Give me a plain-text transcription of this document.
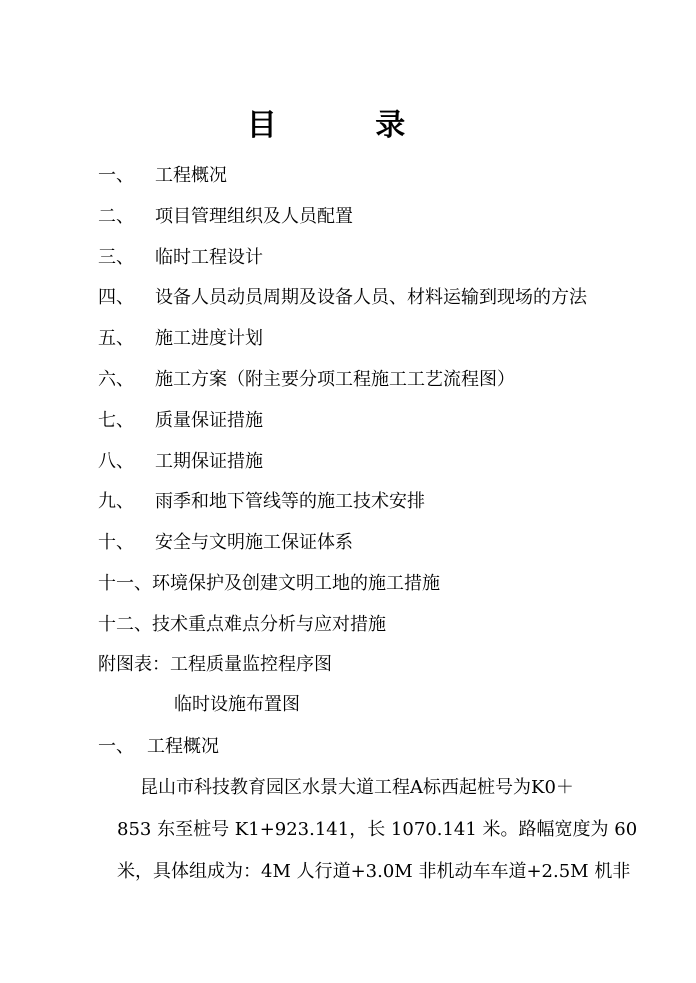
目 录
一、 工程概况
二、 项目管理组织及人员配置
三、 临时工程设计
四、 设备人员动员周期及设备人员、材料运输到现场的方法
五、 施工进度计划
六、 施工方案（附主要分项工程施工工艺流程图）
七、 质量保证措施
八、 工期保证措施
九、 雨季和地下管线等的施工技术安排
十、 安全与文明施工保证体系
十一、环境保护及创建文明工地的施工措施
十二、技术重点难点分析与应对措施
附图表：工程质量监控程序图
临时设施布置图
一、 工程概况
昆山市科技教育园区水景大道工程A标西起桩号为K0＋
853 东至桩号 K1+923.141，长 1070.141 米。路幅宽度为 60
米，具体组成为：4M 人行道+3.0M 非机动车车道+2.5M 机非
